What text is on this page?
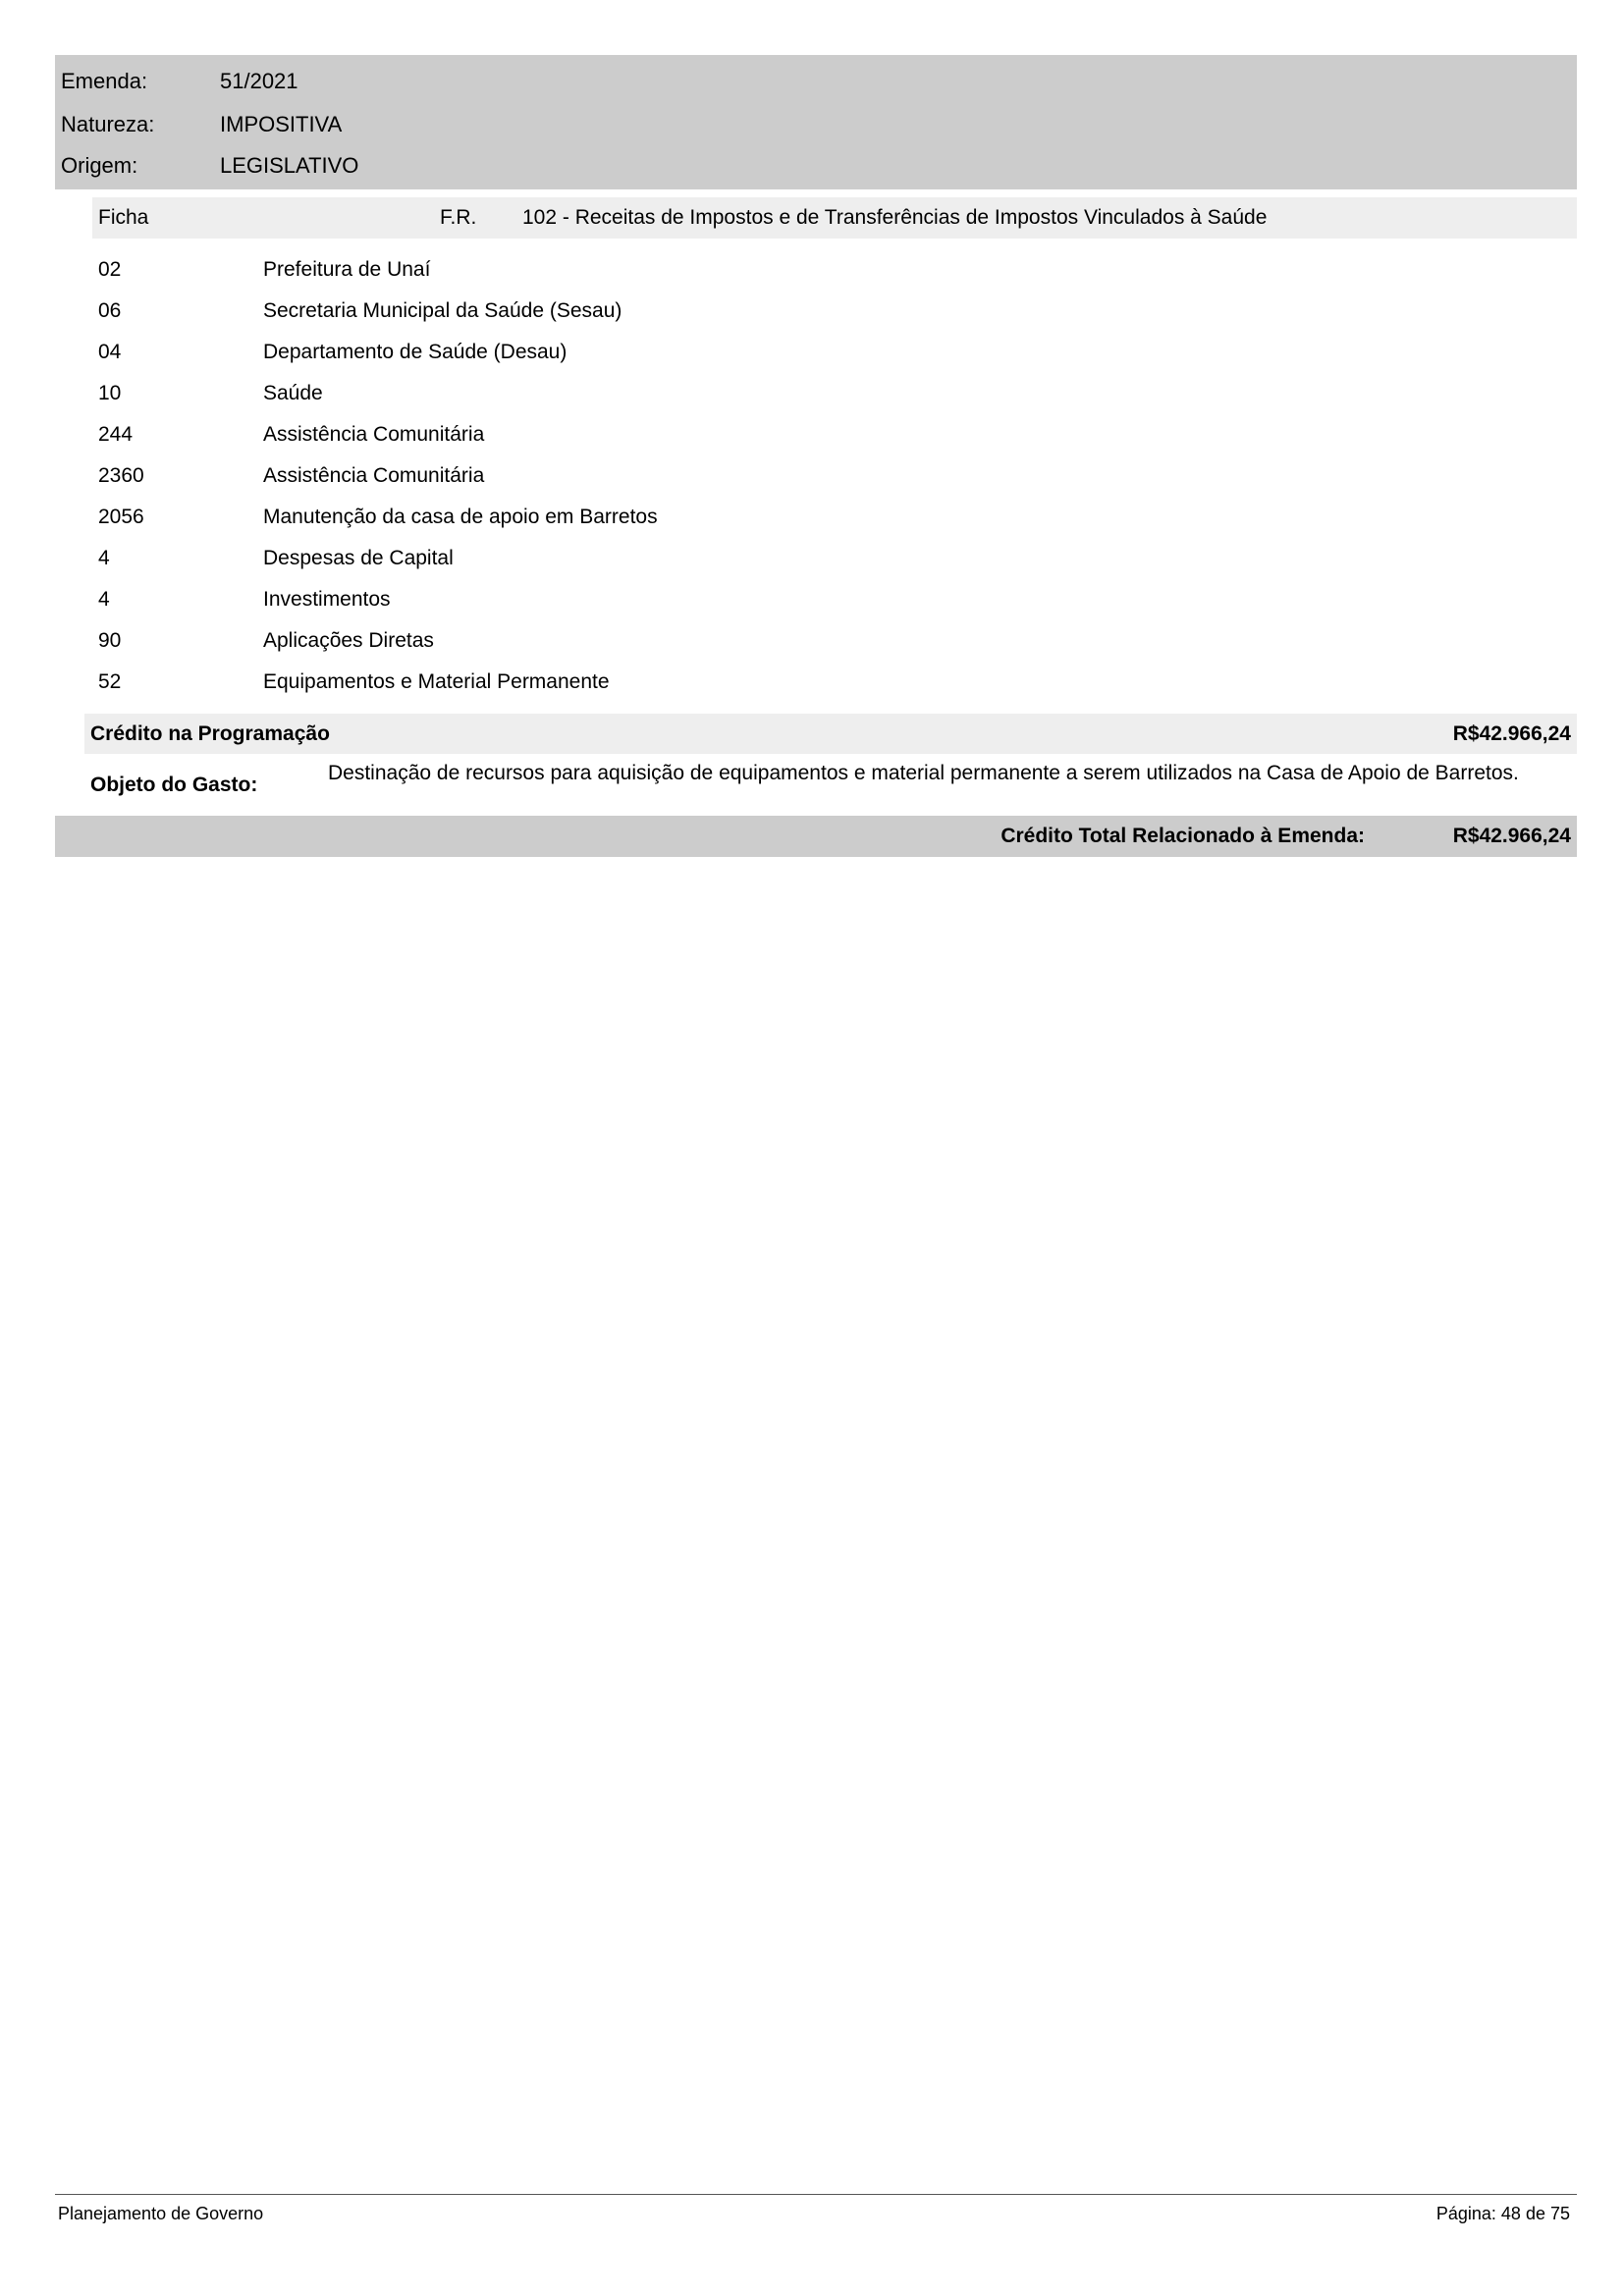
Emenda:	51/2021
Natureza:	IMPOSITIVA
Origem:	LEGISLATIVO
Ficha	F.R. 102 - Receitas de Impostos e de Transferências de Impostos Vinculados à Saúde
02	Prefeitura de Unaí
06	Secretaria Municipal da Saúde (Sesau)
04	Departamento de Saúde (Desau)
10	Saúde
244	Assistência Comunitária
2360	Assistência Comunitária
2056	Manutenção da casa de apoio em Barretos
4	Despesas de Capital
4	Investimentos
90	Aplicações Diretas
52	Equipamentos e Material Permanente
Crédito na Programação	R$42.966,24
Objeto do Gasto:
Destinação de recursos para aquisição de equipamentos e material permanente a serem utilizados na Casa de Apoio de Barretos.
Crédito Total Relacionado à Emenda:	R$42.966,24
Planejamento de Governo	Página: 48 de 75
